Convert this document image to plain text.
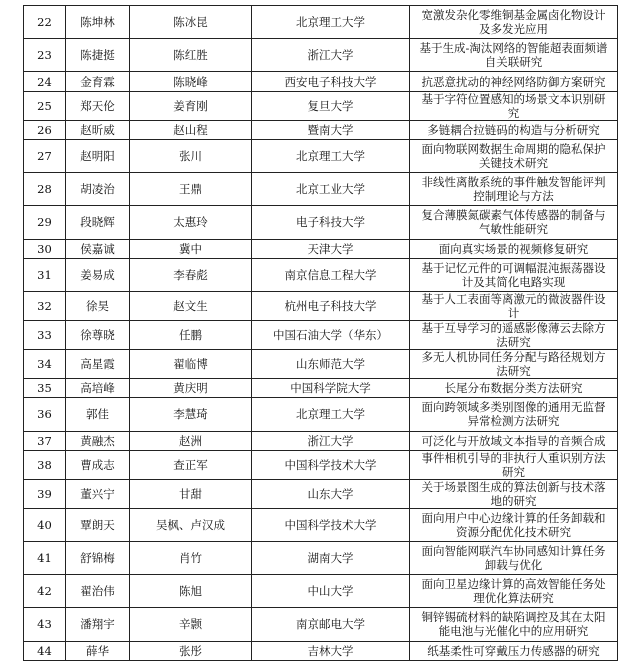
22	陈坤林	陈冰昆	北京理工大学	宽激发杂化零维铜基金属卤化物设计及多发光应用
23	陈捷挺	陈红胜	浙江大学	基于生成-淘汰网络的智能超表面频谱自关联研究
24	金育霖	陈晓峰	西安电子科技大学	抗恶意扰动的神经网络防御方案研究
25	郑天伦	姜育刚	复旦大学	基于字符位置感知的场景文本识别研究
26	赵昕威	赵山程	暨南大学	多链耦合拉链码的构造与分析研究
27	赵明阳	张川	北京理工大学	面向物联网数据生命周期的隐私保护关键技术研究
28	胡凌治	王鼎	北京工业大学	非线性离散系统的事件触发智能评判控制理论与方法
29	段晓辉	太惠玲	电子科技大学	复合薄膜氮碳素气体传感器的制备与气敏性能研究
30	侯嘉诚	冀中	天津大学	面向真实场景的视频修复研究
31	姜易成	李春彪	南京信息工程大学	基于记忆元件的可调幅混沌振荡器设计及其简化电路实现
32	徐昊	赵文生	杭州电子科技大学	基于人工表面等离激元的微波器件设计
33	徐尊晓	任鹏	中国石油大学（华东）	基于互导学习的遥感影像薄云去除方法研究
34	高星霞	翟临博	山东师范大学	多无人机协同任务分配与路径规划方法研究
35	高培峰	黄庆明	中国科学院大学	长尾分布数据分类方法研究
36	郭佳	李慧琦	北京理工大学	面向跨领域多类别图像的通用无监督异常检测方法研究
37	黄融杰	赵洲	浙江大学	可泛化与开放域文本指导的音频合成
38	曹成志	查正军	中国科学技术大学	事件相机引导的非执行人重识别方法研究
39	董兴宁	甘甜	山东大学	关于场景图生成的算法创新与技术落地的研究
40	覃朗天	吴枫、卢汉成	中国科学技术大学	面向用户中心边缘计算的任务卸载和资源分配优化技术研究
41	舒锦梅	肖竹	湖南大学	面向智能网联汽车协同感知计算任务卸载与优化
42	翟治伟	陈旭	中山大学	面向卫星边缘计算的高效智能任务处理优化算法研究
43	潘翔宇	辛颢	南京邮电大学	铜锌锡硫材料的缺陷调控及其在太阳能电池与光催化中的应用研究
44	薛华	张彤	吉林大学	纸基柔性可穿戴压力传感器的研究
